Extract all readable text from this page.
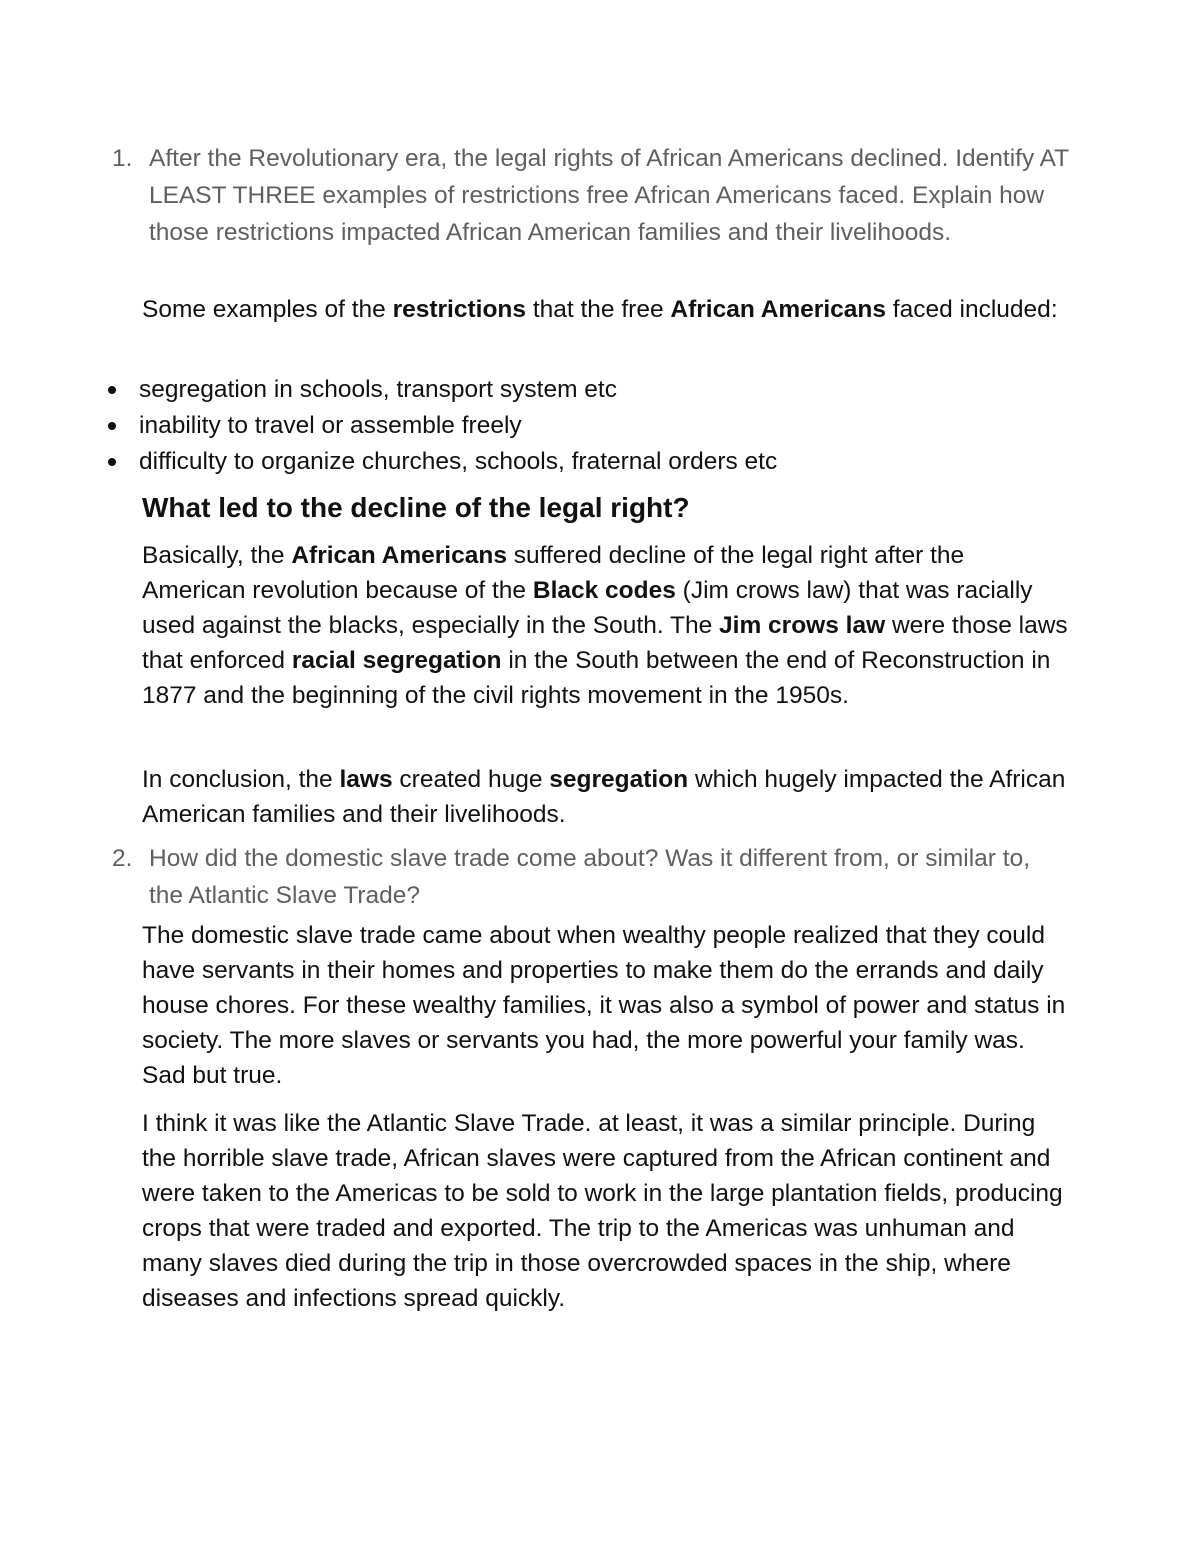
1. After the Revolutionary era, the legal rights of African Americans declined. Identify AT LEAST THREE examples of restrictions free African Americans faced. Explain how those restrictions impacted African American families and their livelihoods.

Some examples of the restrictions that the free African Americans faced included:

segregation in schools, transport system etc
inability to travel or assemble freely
difficulty to organize churches, schools, fraternal orders etc
What led to the decline of the legal right?

Basically, the African Americans suffered decline of the legal right after the American revolution because of the Black codes (Jim crows law) that was racially used against the blacks, especially in the South. The Jim crows law were those laws that enforced racial segregation in the South between the end of Reconstruction in 1877 and the beginning of the civil rights movement in the 1950s.

In conclusion, the laws created huge segregation which hugely impacted the African American families and their livelihoods.

2. How did the domestic slave trade come about? Was it different from, or similar to, the Atlantic Slave Trade?

The domestic slave trade came about when wealthy people realized that they could have servants in their homes and properties to make them do the errands and daily house chores. For these wealthy families, it was also a symbol of power and status in society. The more slaves or servants you had, the more powerful your family was. Sad but true.

I think it was like the Atlantic Slave Trade. at least, it was a similar principle. During the horrible slave trade, African slaves were captured from the African continent and were taken to the Americas to be sold to work in the large plantation fields, producing crops that were traded and exported. The trip to the Americas was unhuman and many slaves died during the trip in those overcrowded spaces in the ship, where diseases and infections spread quickly.
